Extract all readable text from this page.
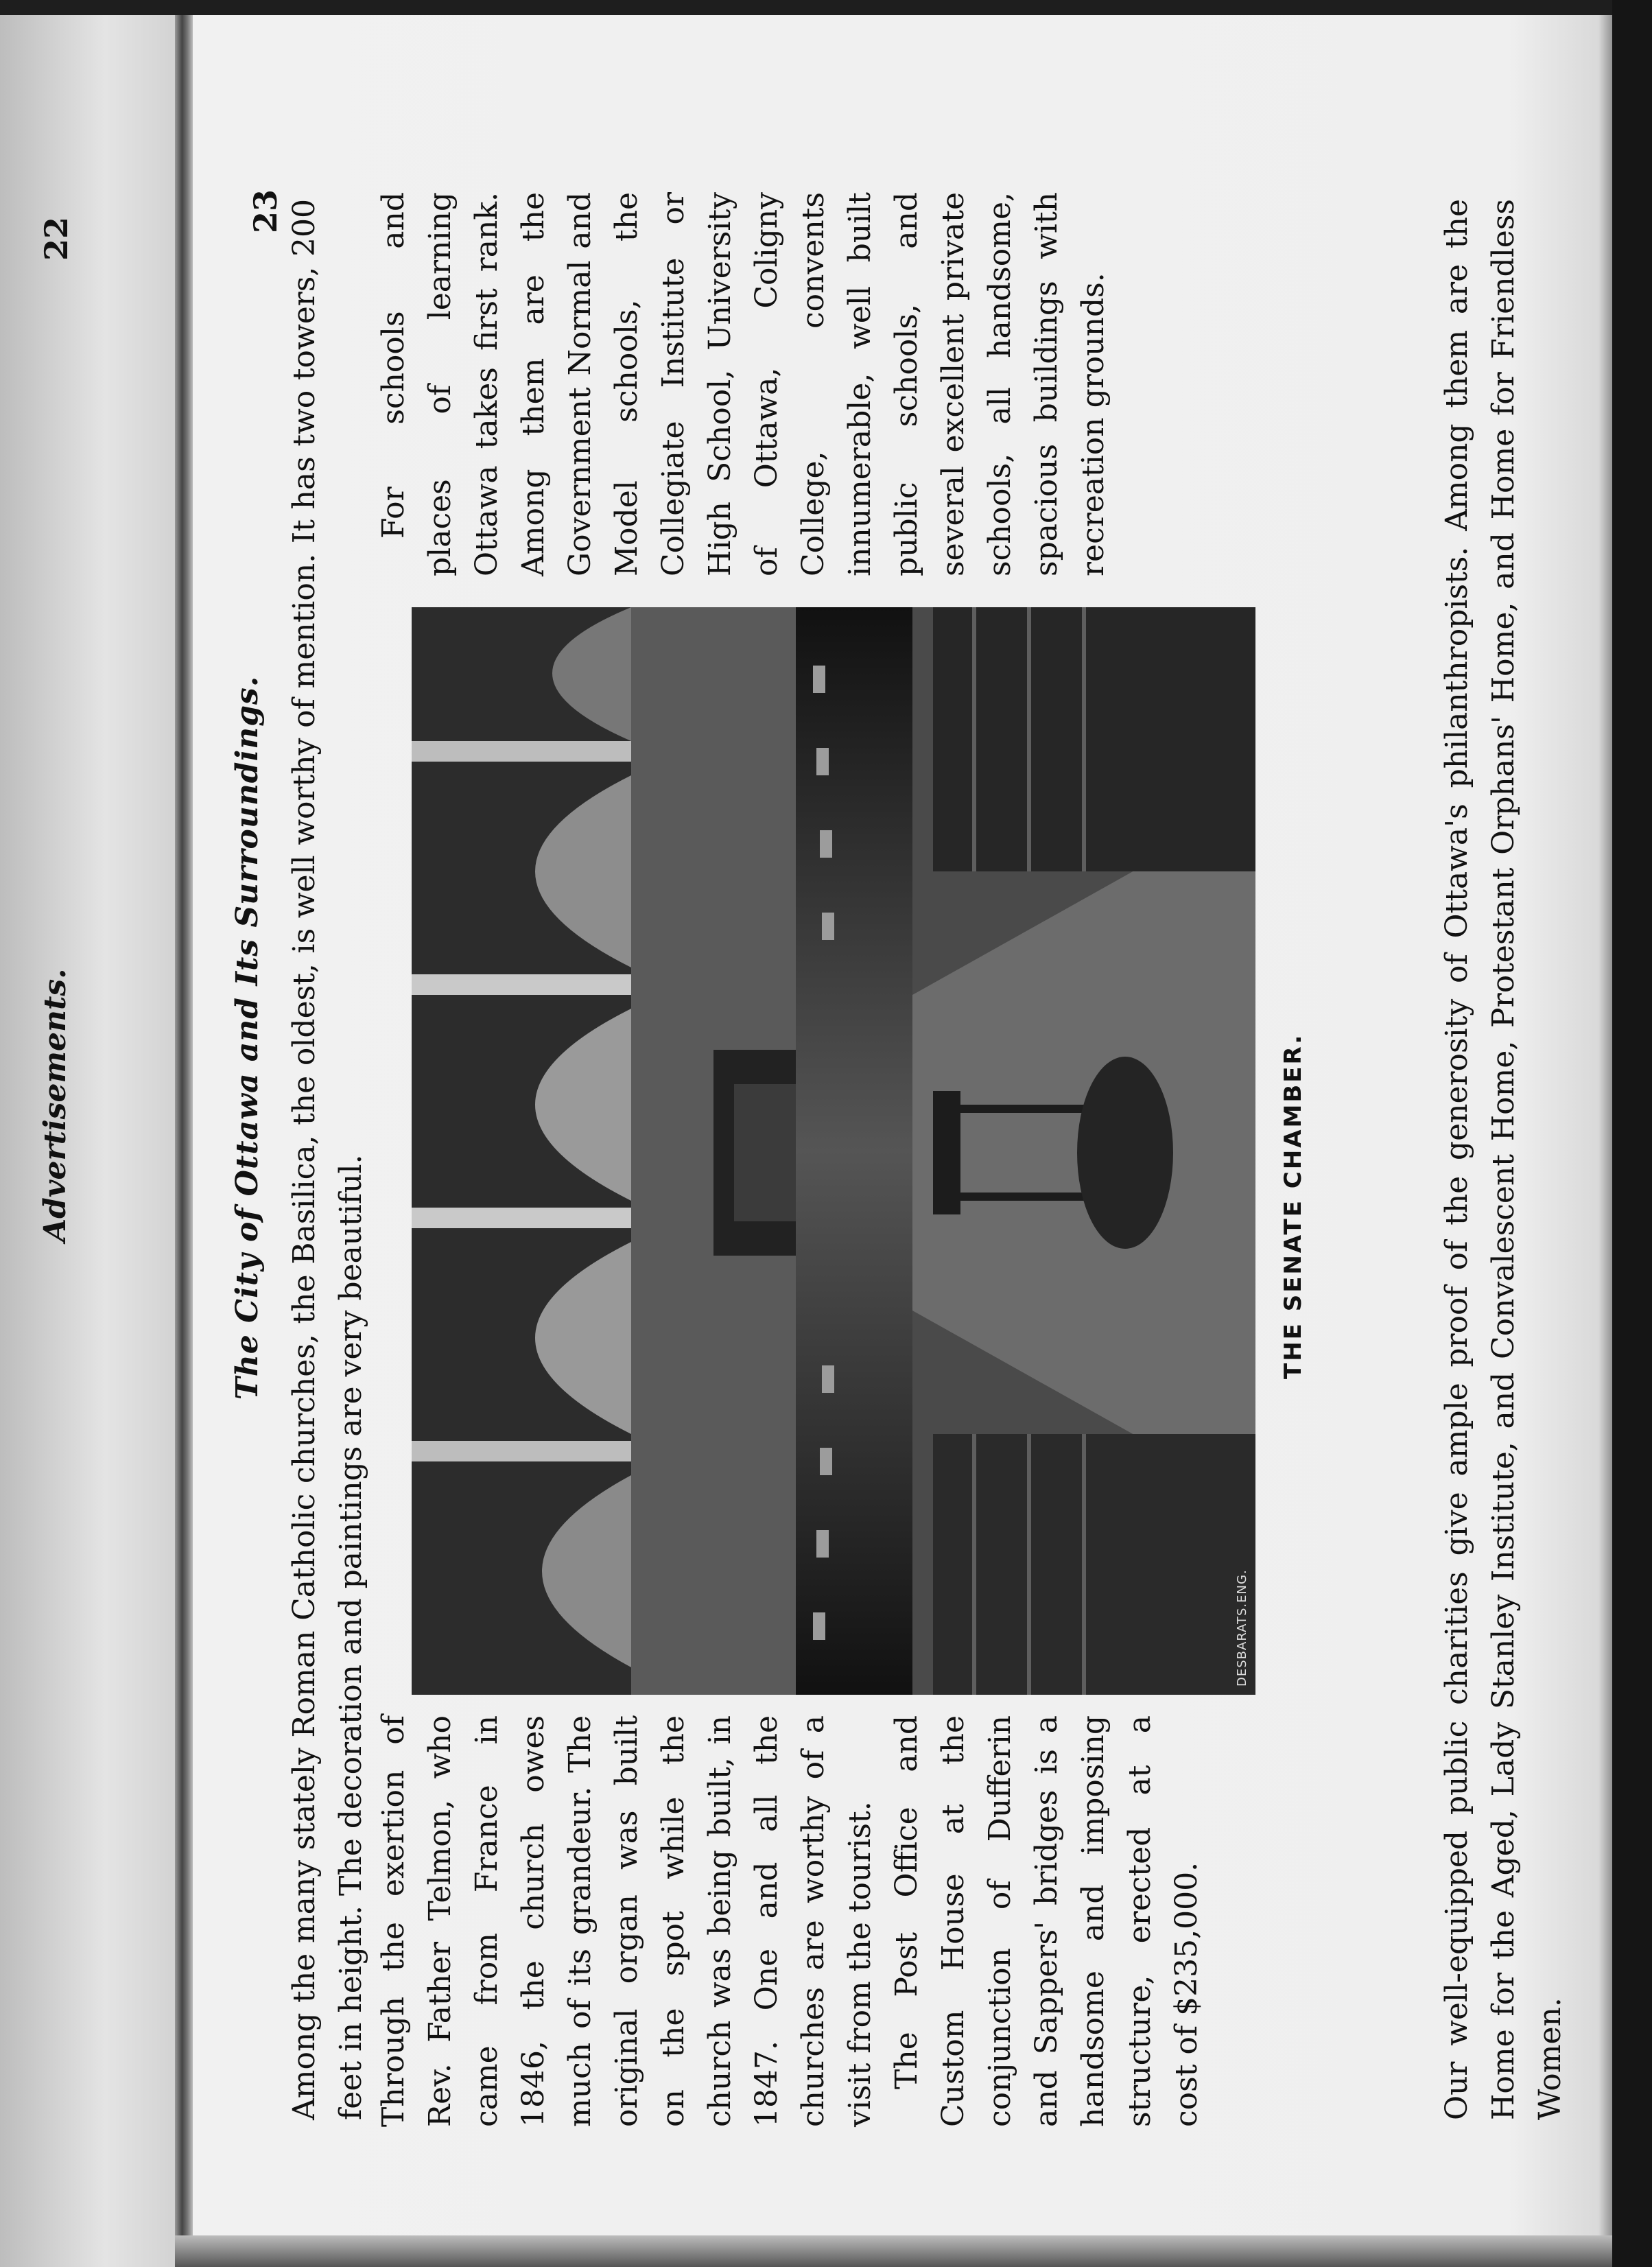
22
Advertisements.
23
The City of Ottawa and Its Surroundings. Among the many stately Roman Catholic churches, the Basilica, the oldest, is well worthy of mention. It has two towers, 200 feet in height. The decoration and paintings are very beautiful. Through the exertion of Rev. Father Telmon, who came from France in 1846, the church owes much of its grandeur. The original organ was built on the spot while the church was being built, in 1847. One and all the churches are worthy of a visit from the tourist. The Post Office and Custom House at the conjunction of Dufferin and Sappers' bridges is a handsome and imposing structure, erected at a cost of $235,000.

DESBARATS.ENG.
THE SENATE CHAMBER.

For schools and places of learning Ottawa takes first rank. Among them are the Government Normal and Model schools, the Collegiate Institute or High School, University of Ottawa, Coligny College, convents innumerable, well built public schools, and several excellent private schools, all handsome, spacious buildings with recreation grounds.	Our well-equipped public charities give ample proof of the generosity of Ottawa's philanthropists. Among them are the Home for the Aged, Lady Stanley Institute, and Convalescent Home, Protestant Orphans' Home, and Home for Friendless Women.
